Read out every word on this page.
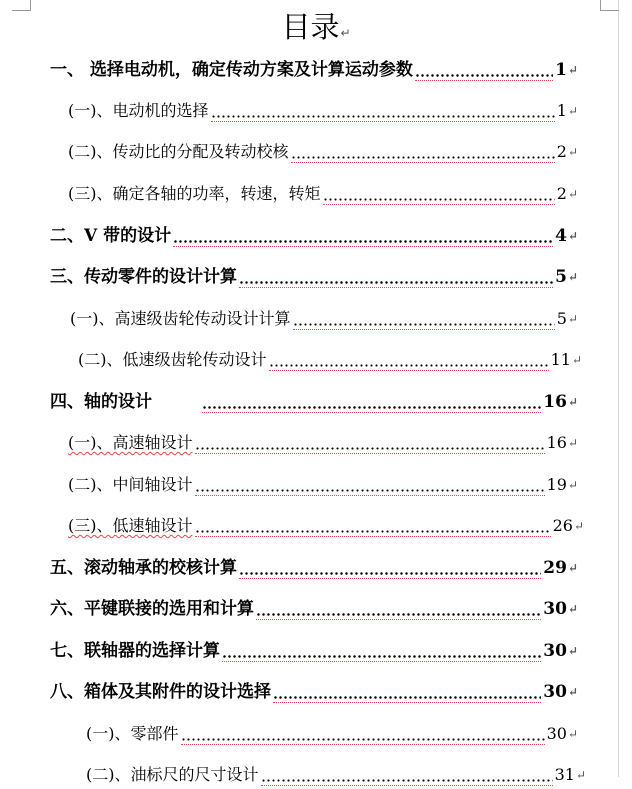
目录↵
一、 选择电动机，确定传动方案及计算运动参数	1 ↵
(一)、电动机的选择	1 ↵
(二)、传动比的分配及转动校核	2 ↵
(三)、确定各轴的功率，转速，转矩	2 ↵
二、V 带的设计	4 ↵
三、传动零件的设计计算	5 ↵
(一)、高速级齿轮传动设计计算	5 ↵
(二)、低速级齿轮传动设计	11 ↵
四、轴的设计	16 ↵
(一)、高速轴设计	16 ↵
(二)、中间轴设计	19 ↵
(三)、低速轴设计	26 ↵
五、滚动轴承的校核计算	29 ↵
六、平键联接的选用和计算	30 ↵
七、联轴器的选择计算	30 ↵
八、箱体及其附件的设计选择	30 ↵
(一)、零部件	30 ↵
(二)、油标尺的尺寸设计	31 ↵
